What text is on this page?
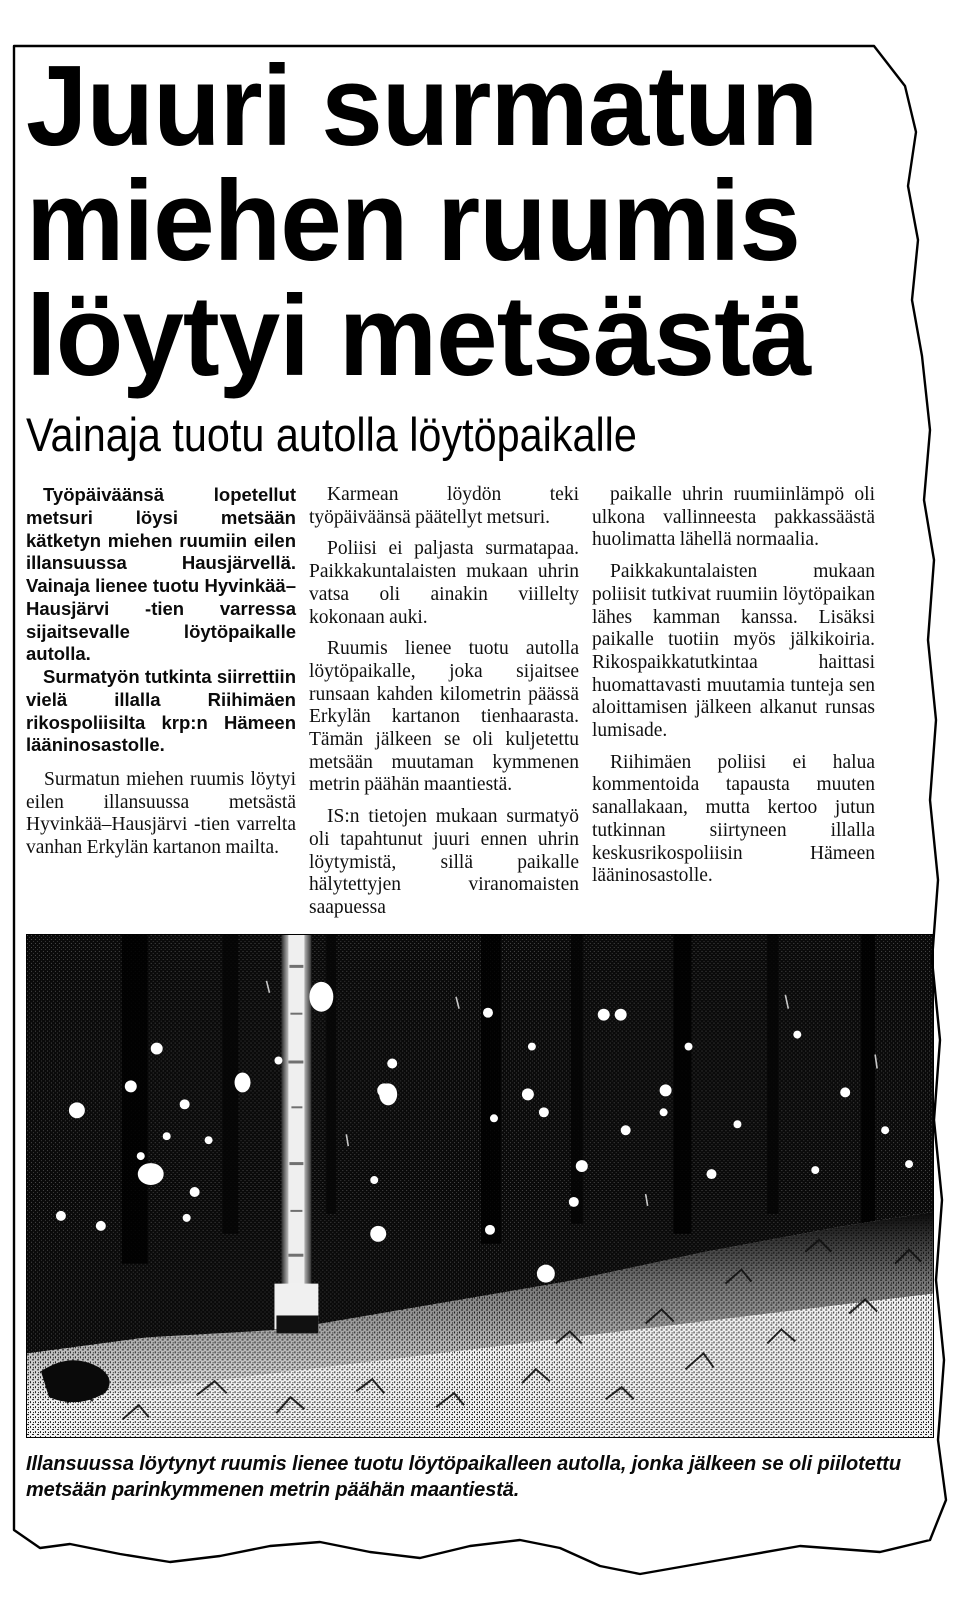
Juuri surmatun
miehen ruumis
löytyi metsästä
Vainaja tuotu autolla löytöpaikalle

Työpäiväänsä lopetellut metsuri löysi metsään kätketyn miehen ruumiin eilen illansuussa Hausjärvellä. Vainaja lienee tuotu Hyvinkää–Hausjärvi -tien varressa sijaitsevalle löytöpaikalle autolla.

Surmatyön tutkinta siirrettiin vielä illalla Riihimäen rikospoliisilta krp:n Hämeen lääninosastolle.

Surmatun miehen ruumis löytyi eilen illansuussa metsästä Hyvinkää–Hausjärvi -tien varrelta vanhan Erkylän kartanon mailta.

Karmean löydön teki työpäiväänsä päätellyt metsuri.

Poliisi ei paljasta surmatapaa. Paikkakuntalaisten mukaan uhrin vatsa oli ainakin viillelty kokonaan auki.

Ruumis lienee tuotu autolla löytöpaikalle, joka sijaitsee runsaan kahden kilometrin päässä Erkylän kartanon tienhaarasta. Tämän jälkeen se oli kuljetettu metsään muutaman kymmenen metrin päähän maantiestä.

IS:n tietojen mukaan surmatyö oli tapahtunut juuri ennen uhrin löytymistä, sillä paikalle hälytettyjen viranomaisten saapuessa

paikalle uhrin ruumiinlämpö oli ulkona vallinneesta pakkassäästä huolimatta lähellä normaalia.

Paikkakuntalaisten mukaan poliisit tutkivat ruumiin löytöpaikan lähes kamman kanssa. Lisäksi paikalle tuotiin myös jälkikoiria. Rikospaikkatutkintaa haittasi huomattavasti muutamia tunteja sen aloittamisen jälkeen alkanut runsas lumisade.

Riihimäen poliisi ei halua kommentoida tapausta muuten sanallakaan, mutta kertoo jutun tutkinnan siirtyneen illalla keskusrikospoliisin Hämeen lääninosastolle.

Illansuussa löytynyt ruumis lienee tuotu löytöpaikalleen autolla, jonka jälkeen se oli piilotettu
metsään parinkymmenen metrin päähän maantiestä.
